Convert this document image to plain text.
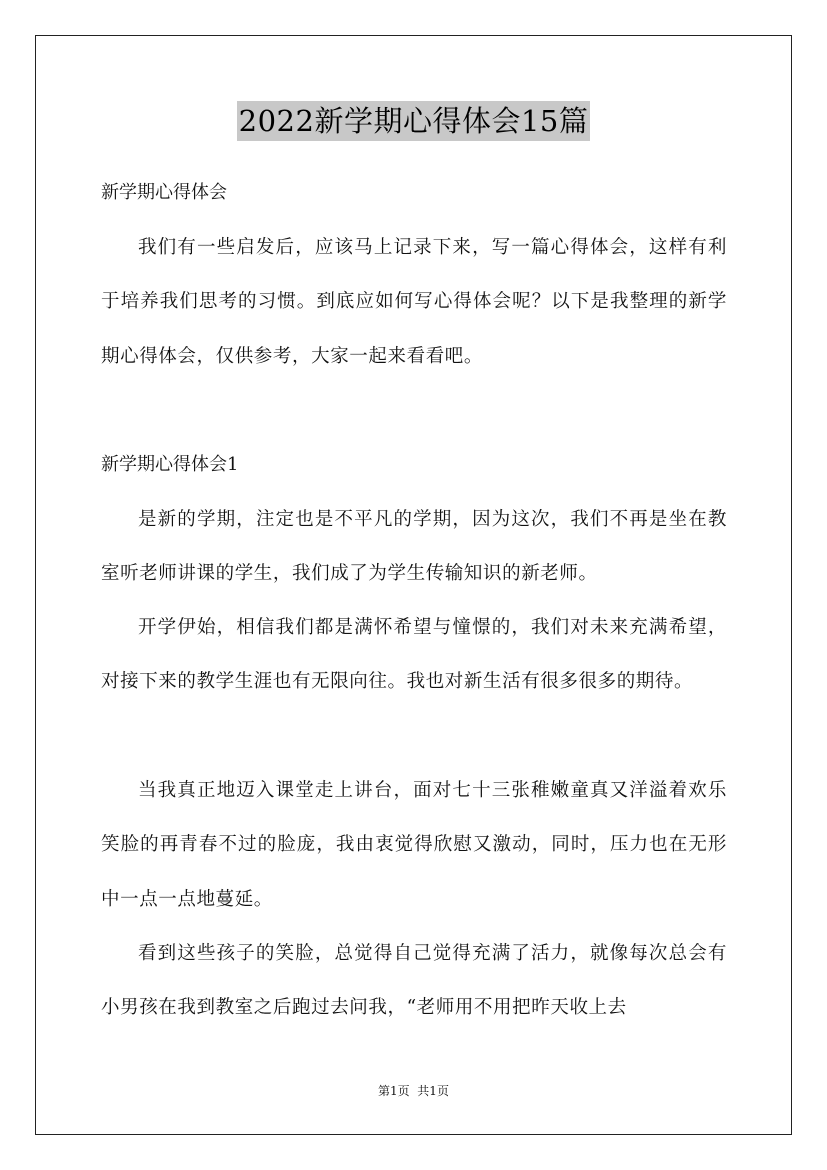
2022新学期心得体会15篇
新学期心得体会

我们有一些启发后，应该马上记录下来，写一篇心得体会，这样有利于培养我们思考的习惯。到底应如何写心得体会呢？以下是我整理的新学期心得体会，仅供参考，大家一起来看看吧。

新学期心得体会1

是新的学期，注定也是不平凡的学期，因为这次，我们不再是坐在教室听老师讲课的学生，我们成了为学生传输知识的新老师。

开学伊始，相信我们都是满怀希望与憧憬的，我们对未来充满希望，对接下来的教学生涯也有无限向往。我也对新生活有很多很多的期待。

当我真正地迈入课堂走上讲台，面对七十三张稚嫩童真又洋溢着欢乐笑脸的再青春不过的脸庞，我由衷觉得欣慰又激动，同时，压力也在无形中一点一点地蔓延。

看到这些孩子的笑脸，总觉得自己觉得充满了活力，就像每次总会有小男孩在我到教室之后跑过去问我，“老师用不用把昨天收上去

第1页  共1页
